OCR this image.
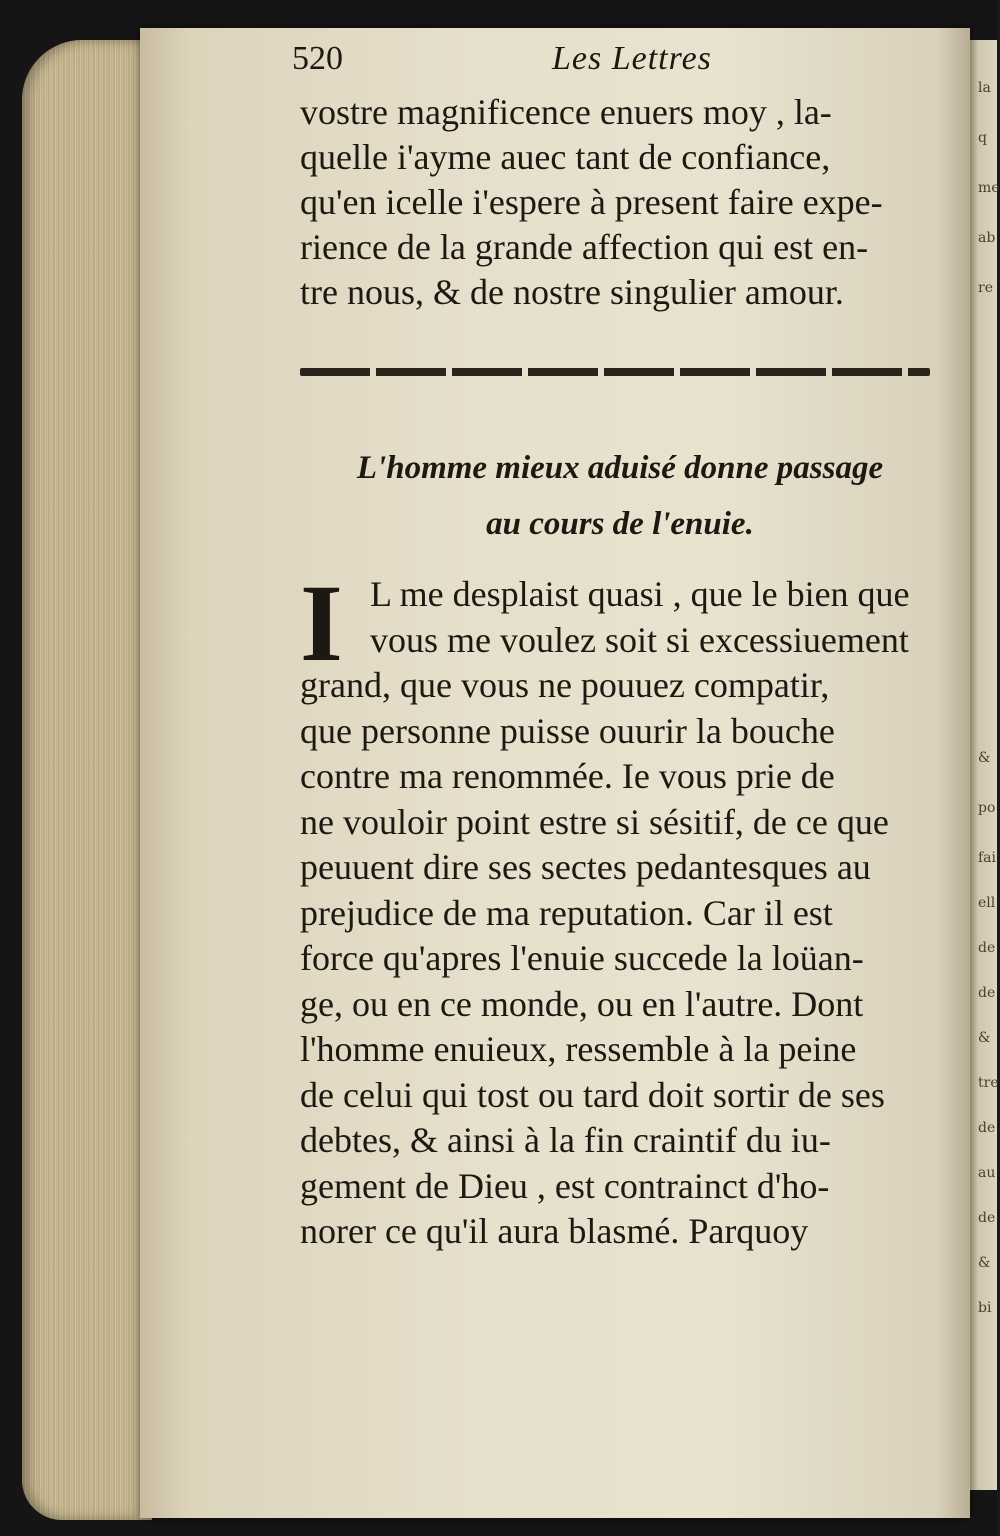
la
q
me
ab
re
&
po
fai
ell
de
de
&
tre
de
au
de
&
bi
520	Les Lettres
vostre magnificence enuers moy , la-
quelle i'ayme auec tant de confiance,
qu'en icelle i'espere à present faire expe-
rience de la grande affection qui est en-
tre nous, & de nostre singulier amour.
L'homme mieux aduisé donne passage
au cours de l'enuie.
I L me desplaist quasi , que le bien que
vous me voulez soit si excessiuement
grand, que vous ne pouuez compatir,
que personne puisse ouurir la bouche
contre ma renommée. Ie vous prie de
ne vouloir point estre si sésitif, de ce que
peuuent dire ses sectes pedantesques au
prejudice de ma reputation. Car il est
force qu'apres l'enuie succede la loüan-
ge, ou en ce monde, ou en l'autre. Dont
l'homme enuieux, ressemble à la peine
de celui qui tost ou tard doit sortir de ses
debtes, & ainsi à la fin craintif du iu-
gement de Dieu , est contrainct d'ho-
norer ce qu'il aura blasmé. Parquoy
